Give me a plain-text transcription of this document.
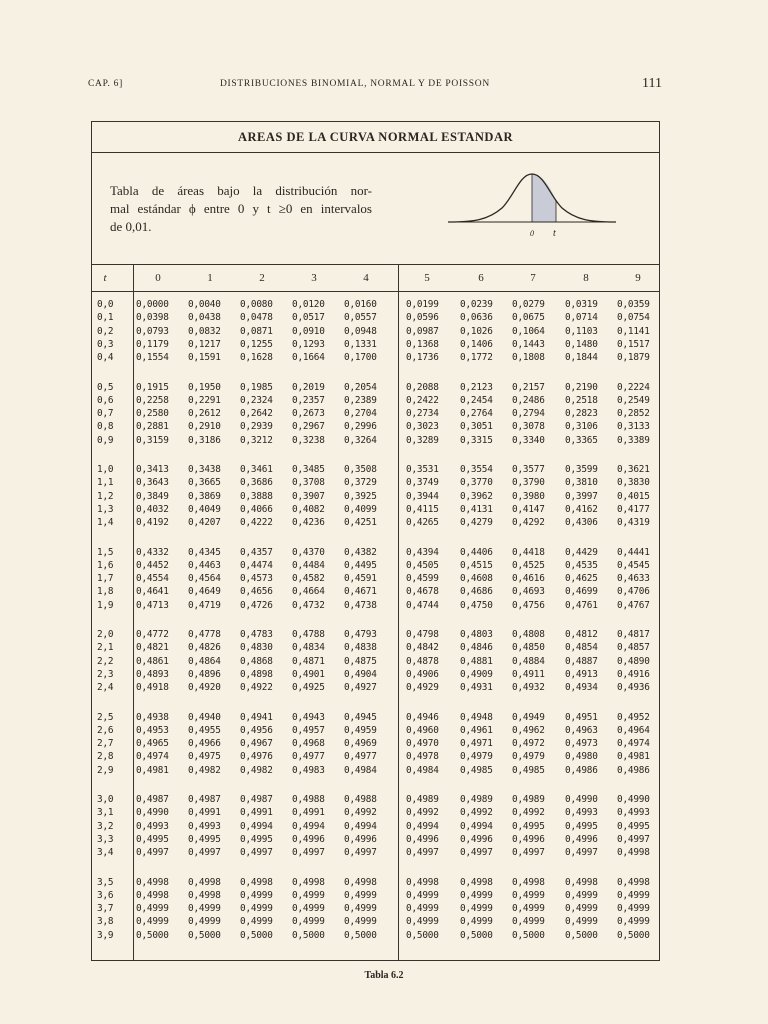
CAP. 6]	DISTRIBUCIONES BINOMIAL, NORMAL Y DE POISSON	111
AREAS DE LA CURVA NORMAL ESTANDAR
Tabla de áreas bajo la distribución nor-
mal estándar ϕ entre 0 y t ≥0 en intervalos
de 0,01.	0 t
t	0	1	2	3	4	5	6	7	8	9
0,0 0,0000 0,0040 0,0080 0,0120 0,0160	0,0199 0,0239 0,0279 0,0319 0,0359
0,1 0,0398 0,0438 0,0478 0,0517 0,0557	0,0596 0,0636 0,0675 0,0714 0,0754
0,2 0,0793 0,0832 0,0871 0,0910 0,0948	0,0987 0,1026 0,1064 0,1103 0,1141
0,3 0,1179 0,1217 0,1255 0,1293 0,1331	0,1368 0,1406 0,1443 0,1480 0,1517
0,4 0,1554 0,1591 0,1628 0,1664 0,1700	0,1736 0,1772 0,1808 0,1844 0,1879
0,5 0,1915 0,1950 0,1985 0,2019 0,2054	0,2088 0,2123 0,2157 0,2190 0,2224
0,6 0,2258 0,2291 0,2324 0,2357 0,2389	0,2422 0,2454 0,2486 0,2518 0,2549
0,7 0,2580 0,2612 0,2642 0,2673 0,2704	0,2734 0,2764 0,2794 0,2823 0,2852
0,8 0,2881 0,2910 0,2939 0,2967 0,2996	0,3023 0,3051 0,3078 0,3106 0,3133
0,9 0,3159 0,3186 0,3212 0,3238 0,3264	0,3289 0,3315 0,3340 0,3365 0,3389
1,0 0,3413 0,3438 0,3461 0,3485 0,3508	0,3531 0,3554 0,3577 0,3599 0,3621
1,1 0,3643 0,3665 0,3686 0,3708 0,3729	0,3749 0,3770 0,3790 0,3810 0,3830
1,2 0,3849 0,3869 0,3888 0,3907 0,3925	0,3944 0,3962 0,3980 0,3997 0,4015
1,3 0,4032 0,4049 0,4066 0,4082 0,4099	0,4115 0,4131 0,4147 0,4162 0,4177
1,4 0,4192 0,4207 0,4222 0,4236 0,4251	0,4265 0,4279 0,4292 0,4306 0,4319
1,5 0,4332 0,4345 0,4357 0,4370 0,4382	0,4394 0,4406 0,4418 0,4429 0,4441
1,6 0,4452 0,4463 0,4474 0,4484 0,4495	0,4505 0,4515 0,4525 0,4535 0,4545
1,7 0,4554 0,4564 0,4573 0,4582 0,4591	0,4599 0,4608 0,4616 0,4625 0,4633
1,8 0,4641 0,4649 0,4656 0,4664 0,4671	0,4678 0,4686 0,4693 0,4699 0,4706
1,9 0,4713 0,4719 0,4726 0,4732 0,4738	0,4744 0,4750 0,4756 0,4761 0,4767
2,0 0,4772 0,4778 0,4783 0,4788 0,4793	0,4798 0,4803 0,4808 0,4812 0,4817
2,1 0,4821 0,4826 0,4830 0,4834 0,4838	0,4842 0,4846 0,4850 0,4854 0,4857
2,2 0,4861 0,4864 0,4868 0,4871 0,4875	0,4878 0,4881 0,4884 0,4887 0,4890
2,3 0,4893 0,4896 0,4898 0,4901 0,4904	0,4906 0,4909 0,4911 0,4913 0,4916
2,4 0,4918 0,4920 0,4922 0,4925 0,4927	0,4929 0,4931 0,4932 0,4934 0,4936
2,5 0,4938 0,4940 0,4941 0,4943 0,4945	0,4946 0,4948 0,4949 0,4951 0,4952
2,6 0,4953 0,4955 0,4956 0,4957 0,4959	0,4960 0,4961 0,4962 0,4963 0,4964
2,7 0,4965 0,4966 0,4967 0,4968 0,4969	0,4970 0,4971 0,4972 0,4973 0,4974
2,8 0,4974 0,4975 0,4976 0,4977 0,4977	0,4978 0,4979 0,4979 0,4980 0,4981
2,9 0,4981 0,4982 0,4982 0,4983 0,4984	0,4984 0,4985 0,4985 0,4986 0,4986
3,0 0,4987 0,4987 0,4987 0,4988 0,4988	0,4989 0,4989 0,4989 0,4990 0,4990
3,1 0,4990 0,4991 0,4991 0,4991 0,4992	0,4992 0,4992 0,4992 0,4993 0,4993
3,2 0,4993 0,4993 0,4994 0,4994 0,4994	0,4994 0,4994 0,4995 0,4995 0,4995
3,3 0,4995 0,4995 0,4995 0,4996 0,4996	0,4996 0,4996 0,4996 0,4996 0,4997
3,4 0,4997 0,4997 0,4997 0,4997 0,4997	0,4997 0,4997 0,4997 0,4997 0,4998
3,5 0,4998 0,4998 0,4998 0,4998 0,4998	0,4998 0,4998 0,4998 0,4998 0,4998
3,6 0,4998 0,4998 0,4999 0,4999 0,4999	0,4999 0,4999 0,4999 0,4999 0,4999
3,7 0,4999 0,4999 0,4999 0,4999 0,4999	0,4999 0,4999 0,4999 0,4999 0,4999
3,8 0,4999 0,4999 0,4999 0,4999 0,4999	0,4999 0,4999 0,4999 0,4999 0,4999
3,9 0,5000 0,5000 0,5000 0,5000 0,5000	0,5000 0,5000 0,5000 0,5000 0,5000
Tabla 6.2
